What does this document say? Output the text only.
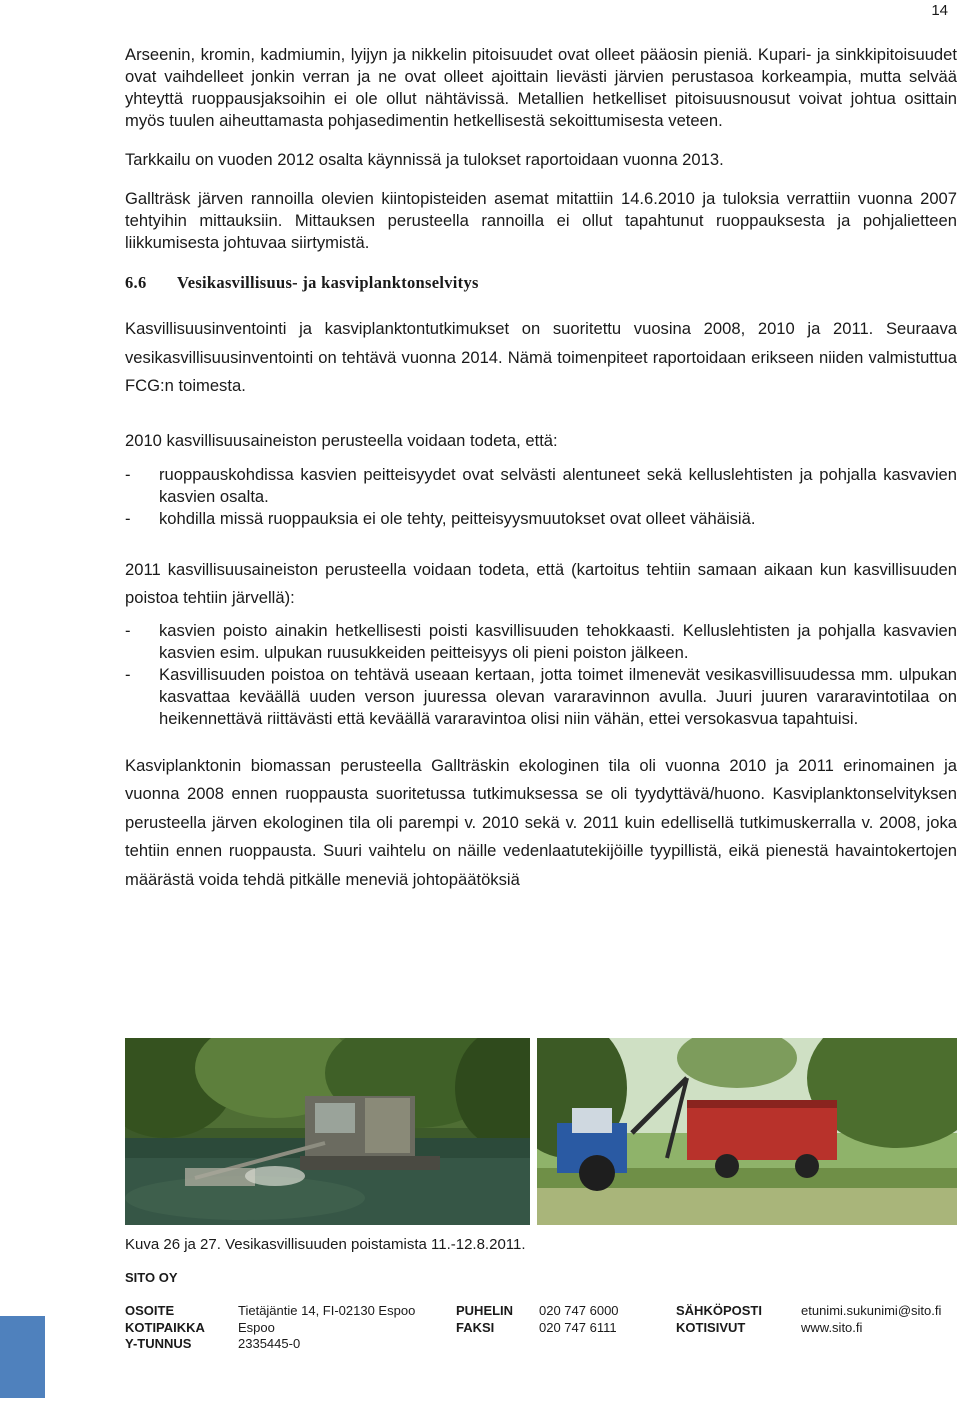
14

Arseenin, kromin, kadmiumin, lyijyn ja nikkelin pitoisuudet ovat olleet pääosin pieniä. Kupari- ja sinkkipitoisuudet ovat vaihdelleet jonkin verran ja ne ovat olleet ajoittain lievästi järvien perustasoa korkeampia, mutta selvää yhteyttä ruoppausjaksoihin ei ole ollut nähtävissä. Metallien hetkelliset pitoisuusnousut voivat johtua osittain myös tuulen aiheuttamasta pohjasedimentin hetkellisestä sekoittumisesta veteen.

Tarkkailu on vuoden 2012 osalta käynnissä ja tulokset raportoidaan vuonna 2013.

Gallträsk järven rannoilla olevien kiintopisteiden asemat mitattiin 14.6.2010 ja tuloksia verrattiin vuonna 2007 tehtyihin mittauksiin. Mittauksen perusteella rannoilla ei ollut tapahtunut ruoppauksesta ja pohjalietteen liikkumisesta johtuvaa siirtymistä.

6.6	Vesikasvillisuus- ja kasviplanktonselvitys

Kasvillisuusinventointi ja kasviplanktontutkimukset on suoritettu vuosina 2008, 2010 ja 2011. Seuraava vesikasvillisuusinventointi on tehtävä vuonna 2014. Nämä toimenpiteet raportoidaan erikseen niiden valmistuttua FCG:n toimesta.

2010 kasvillisuusaineiston perusteella voidaan todeta, että:

- ruoppauskohdissa kasvien peitteisyydet ovat selvästi alentuneet sekä kelluslehtisten ja pohjalla kasvavien kasvien osalta.
- kohdilla missä ruoppauksia ei ole tehty, peitteisyysmuutokset ovat olleet vähäisiä.

2011 kasvillisuusaineiston perusteella voidaan todeta, että (kartoitus tehtiin samaan aikaan kun kasvillisuuden poistoa tehtiin järvellä):

- kasvien poisto ainakin hetkellisesti poisti kasvillisuuden tehokkaasti. Kelluslehtisten ja pohjalla kasvavien kasvien esim. ulpukan ruusukkeiden peitteisyys oli pieni poiston jälkeen.
- Kasvillisuuden poistoa on tehtävä useaan kertaan, jotta toimet ilmenevät vesikasvillisuudessa mm. ulpukan kasvattaa keväällä uuden verson juuressa olevan vararavinnon avulla. Juuri juuren vararavintotilaa on heikennettävä riittävästi että keväällä vararavintoa olisi niin vähän, ettei versokasvua tapahtuisi.

Kasviplanktonin biomassan perusteella Gallträskin ekologinen tila oli vuonna 2010 ja 2011 erinomainen ja vuonna 2008 ennen ruoppausta suoritetussa tutkimuksessa se oli tyydyttävä/huono. Kasviplanktonselvityksen perusteella järven ekologinen tila oli parempi v. 2010 sekä v. 2011 kuin edellisellä tutkimuskerralla v. 2008, joka tehtiin ennen ruoppausta. Suuri vaihtelu on näille vedenlaatutekijöille tyypillistä, eikä pienestä havaintokertojen määrästä voida tehdä pitkälle meneviä johtopäätöksiä

Kuva 26 ja 27. Vesikasvillisuuden poistamista 11.-12.8.2011.
SITO OY
OSOITE
KOTIPAIKKA
Y-TUNNUS
Tietäjäntie 14, FI-02130 Espoo
Espoo
2335445-0
PUHELIN
FAKSI
020 747 6000
020 747 6111
SÄHKÖPOSTI
KOTISIVUT
etunimi.sukunimi@sito.fi
www.sito.fi
